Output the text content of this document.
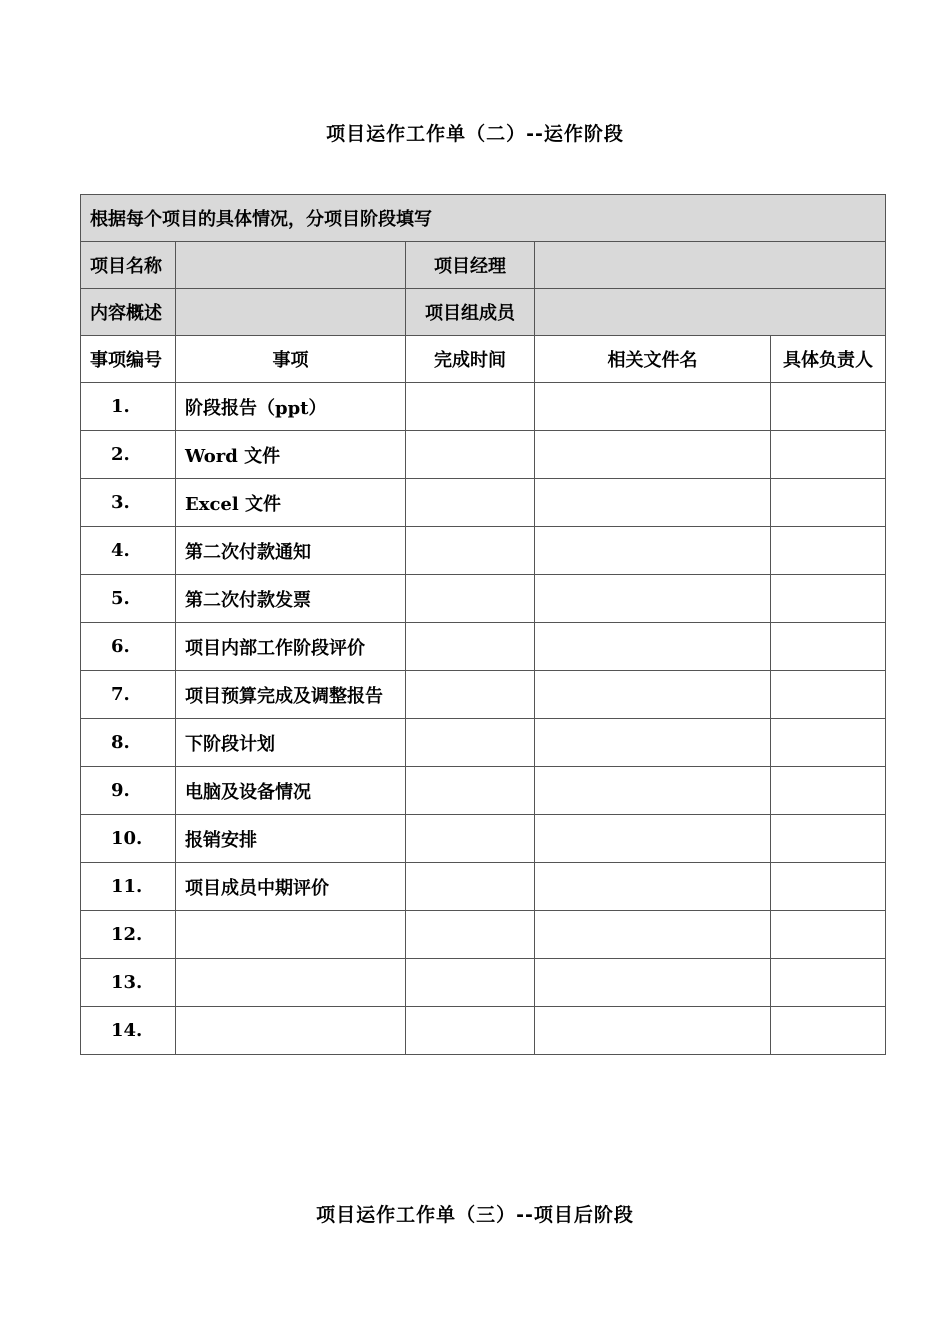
项目运作工作单（二）--运作阶段
根据每个项目的具体情况，分项目阶段填写				
项目名称		项目经理		
内容概述		项目组成员		
事项编号	事项	完成时间	相关文件名	具体负责人
1.	阶段报告（ppt）			
2.	Word 文件			
3.	Excel 文件			
4.	第二次付款通知			
5.	第二次付款发票			
6.	项目内部工作阶段评价			
7.	项目预算完成及调整报告			
8.	下阶段计划			
9.	电脑及设备情况			
10.	报销安排			
11.	项目成员中期评价			
12.				
13.				
14.				
项目运作工作单（三）--项目后阶段
